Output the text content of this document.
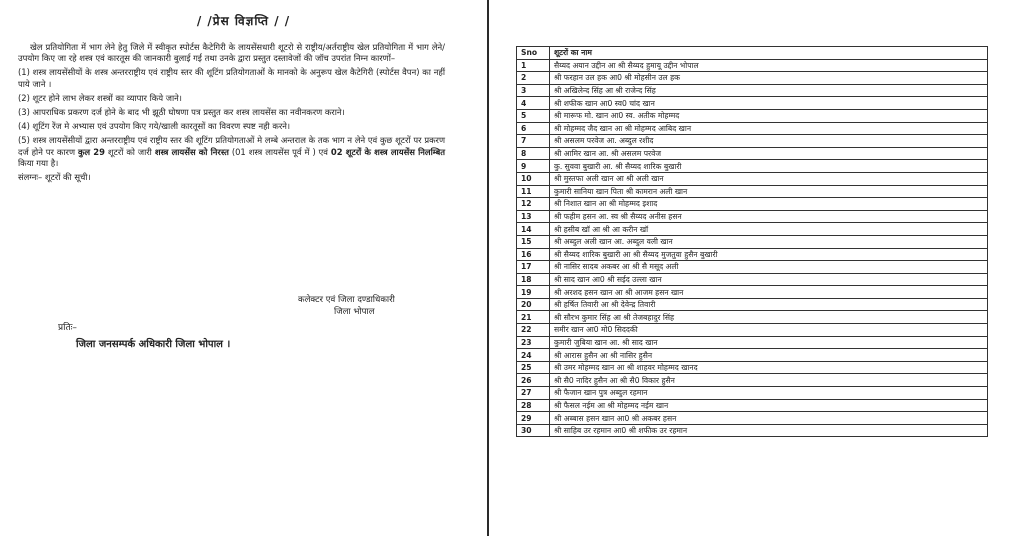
/ /प्रेस विज्ञप्ति / /

खेल प्रतियोगिता में भाग लेने हेतु जिले में स्वीकृत स्पोर्टस कैटेगिरी के लायसेंसधारी शूटरो से राष्ट्रीय/अर्तराष्ट्रीय खेल प्रतियोगिता में भाग लेने/उपयोग किए जा रहे शस्त्र एवं कारतूस की जानकारी बुलाई गई तथा उनके द्वारा प्रस्तुत दस्तावेजों की जॉच उपरांत निम्न कारणों–

(1) शस्त्र लायसेंसीयों के शस्त्र अन्तरराष्ट्रीय एवं राष्ट्रीय स्तर की शूटिंग प्रतियोगताओं के मानको के अनुरूप खेल कैटेगिरी (स्पोर्टस वैपन) का नहीं पाये जाने ।

(2) शूटर होने लाभ लेकर शस्त्रों का व्यापार किये जाने।

(3) आपराधिक प्रकरण दर्ज होने के बाद भी झूठी घोषणा पत्र प्रस्तुत कर शस्त्र लायसेंस का नवीनकरण कराने।

(4) शूटिंग रेंज मे अभ्यास एवं उपयोग किए गये/खाली कारतूसों का विवरण स्पष्ट नही करने।

(5) शस्त्र लायसेंसीयों द्वारा अन्तरराष्ट्रीय एवं राष्ट्रीय स्तर की शूटिंग प्रतियोगताओं मे लम्बे अन्तराल के तक भाग न लेने एवं कुछ शूटरों पर प्रकरण दर्ज होने पर कारण कुल 29 शूटरों को जारी शस्त्र लायसेंस को निरस्त (01 शस्त्र लायसेंस पूर्व में ) एवं 02 शूटरों के शस्त्र लायसेंस निलम्बित किया गया है।

संलग्नः– शूटरों की सूची।

कलेक्टर एवं जिला दण्डाधिकारी
जिला भोपाल
प्रतिः–
जिला जनसम्पर्क अधिकारी जिला भोपाल ।
Sno	शूटरों का नाम
1	सैय्यद अयान उद्दीन आ श्री सैय्यद हुमायू उद्दीन भोपाल
2	श्री फरहान उल हक आ0 श्री मोहसीन उल हक
3	श्री अखिलेन्द सिंह आ श्री राजेन्द सिंह
4	श्री शफीक खान आ0 स्व0 चांद खान
5	श्री मारूफ मो. खान आ0 स्व. अतीक मोहम्मद
6	श्री मोहम्मद जैद खान आ श्री मोहम्मद आबिद खान
7	श्री असलम परवेज आ. अब्दुल रशीद
8	श्री आमिर खान आ. श्री असलम परवेज
9	कु. सुववा बुखारी आ. श्री सैय्यद शारिक बुखारी
10	श्री मुस्तफा अली खान आ श्री अली खान
11	कुमारी सानिया खान पिता श्री कामरान अली खान
12	श्री निशात खान आ श्री मोहम्मद इशाद
13	श्री फहीम हसन आ. स्व श्री सैय्यद अनीस हसन
14	श्री हसीब खॉ आ श्री आ करीन खॉ
15	श्री अब्दुल अली खान आ. अब्दुल वली खान
16	श्री सैय्यद शारिक बुखारी आ श्री सैय्यद मुजतुवा हुसैन बुखारी
17	श्री नासिर सादब अकबर आ श्री सै मसूद अली
18	श्री साद खान आ0 श्री सईद उल्ला खान
19	श्री अरशद हसन खान आ श्री आजम हसन खान
20	श्री हर्षित तिवारी आ श्री देवेन्द्र तिवारी
21	श्री सौरभ कुमार सिंह आ श्री तेजबहादुर सिंह
22	समीर खान आ0 मो0 सिददकी
23	कुमारी जुबिया खान आ. श्री साद खान
24	श्री आरास हुसैन आ श्री नासिर हुसैन
25	श्री उमर मोहम्मद खान आ श्री शाहवर मोहम्मद खानद
26	श्री सै0 नादिर हुसैन आ श्री सै0 विकार हुसैन
27	श्री फैजान खान पुत्र अब्दुल रहमान
28	श्री फैसल नईम आ श्री मोहम्मद नईम खान
29	श्री अब्बास हसन खान आ0 श्री अकबर हसन
30	श्री साहिब उर रहमान आ0 श्री शफीक उर रहमान
